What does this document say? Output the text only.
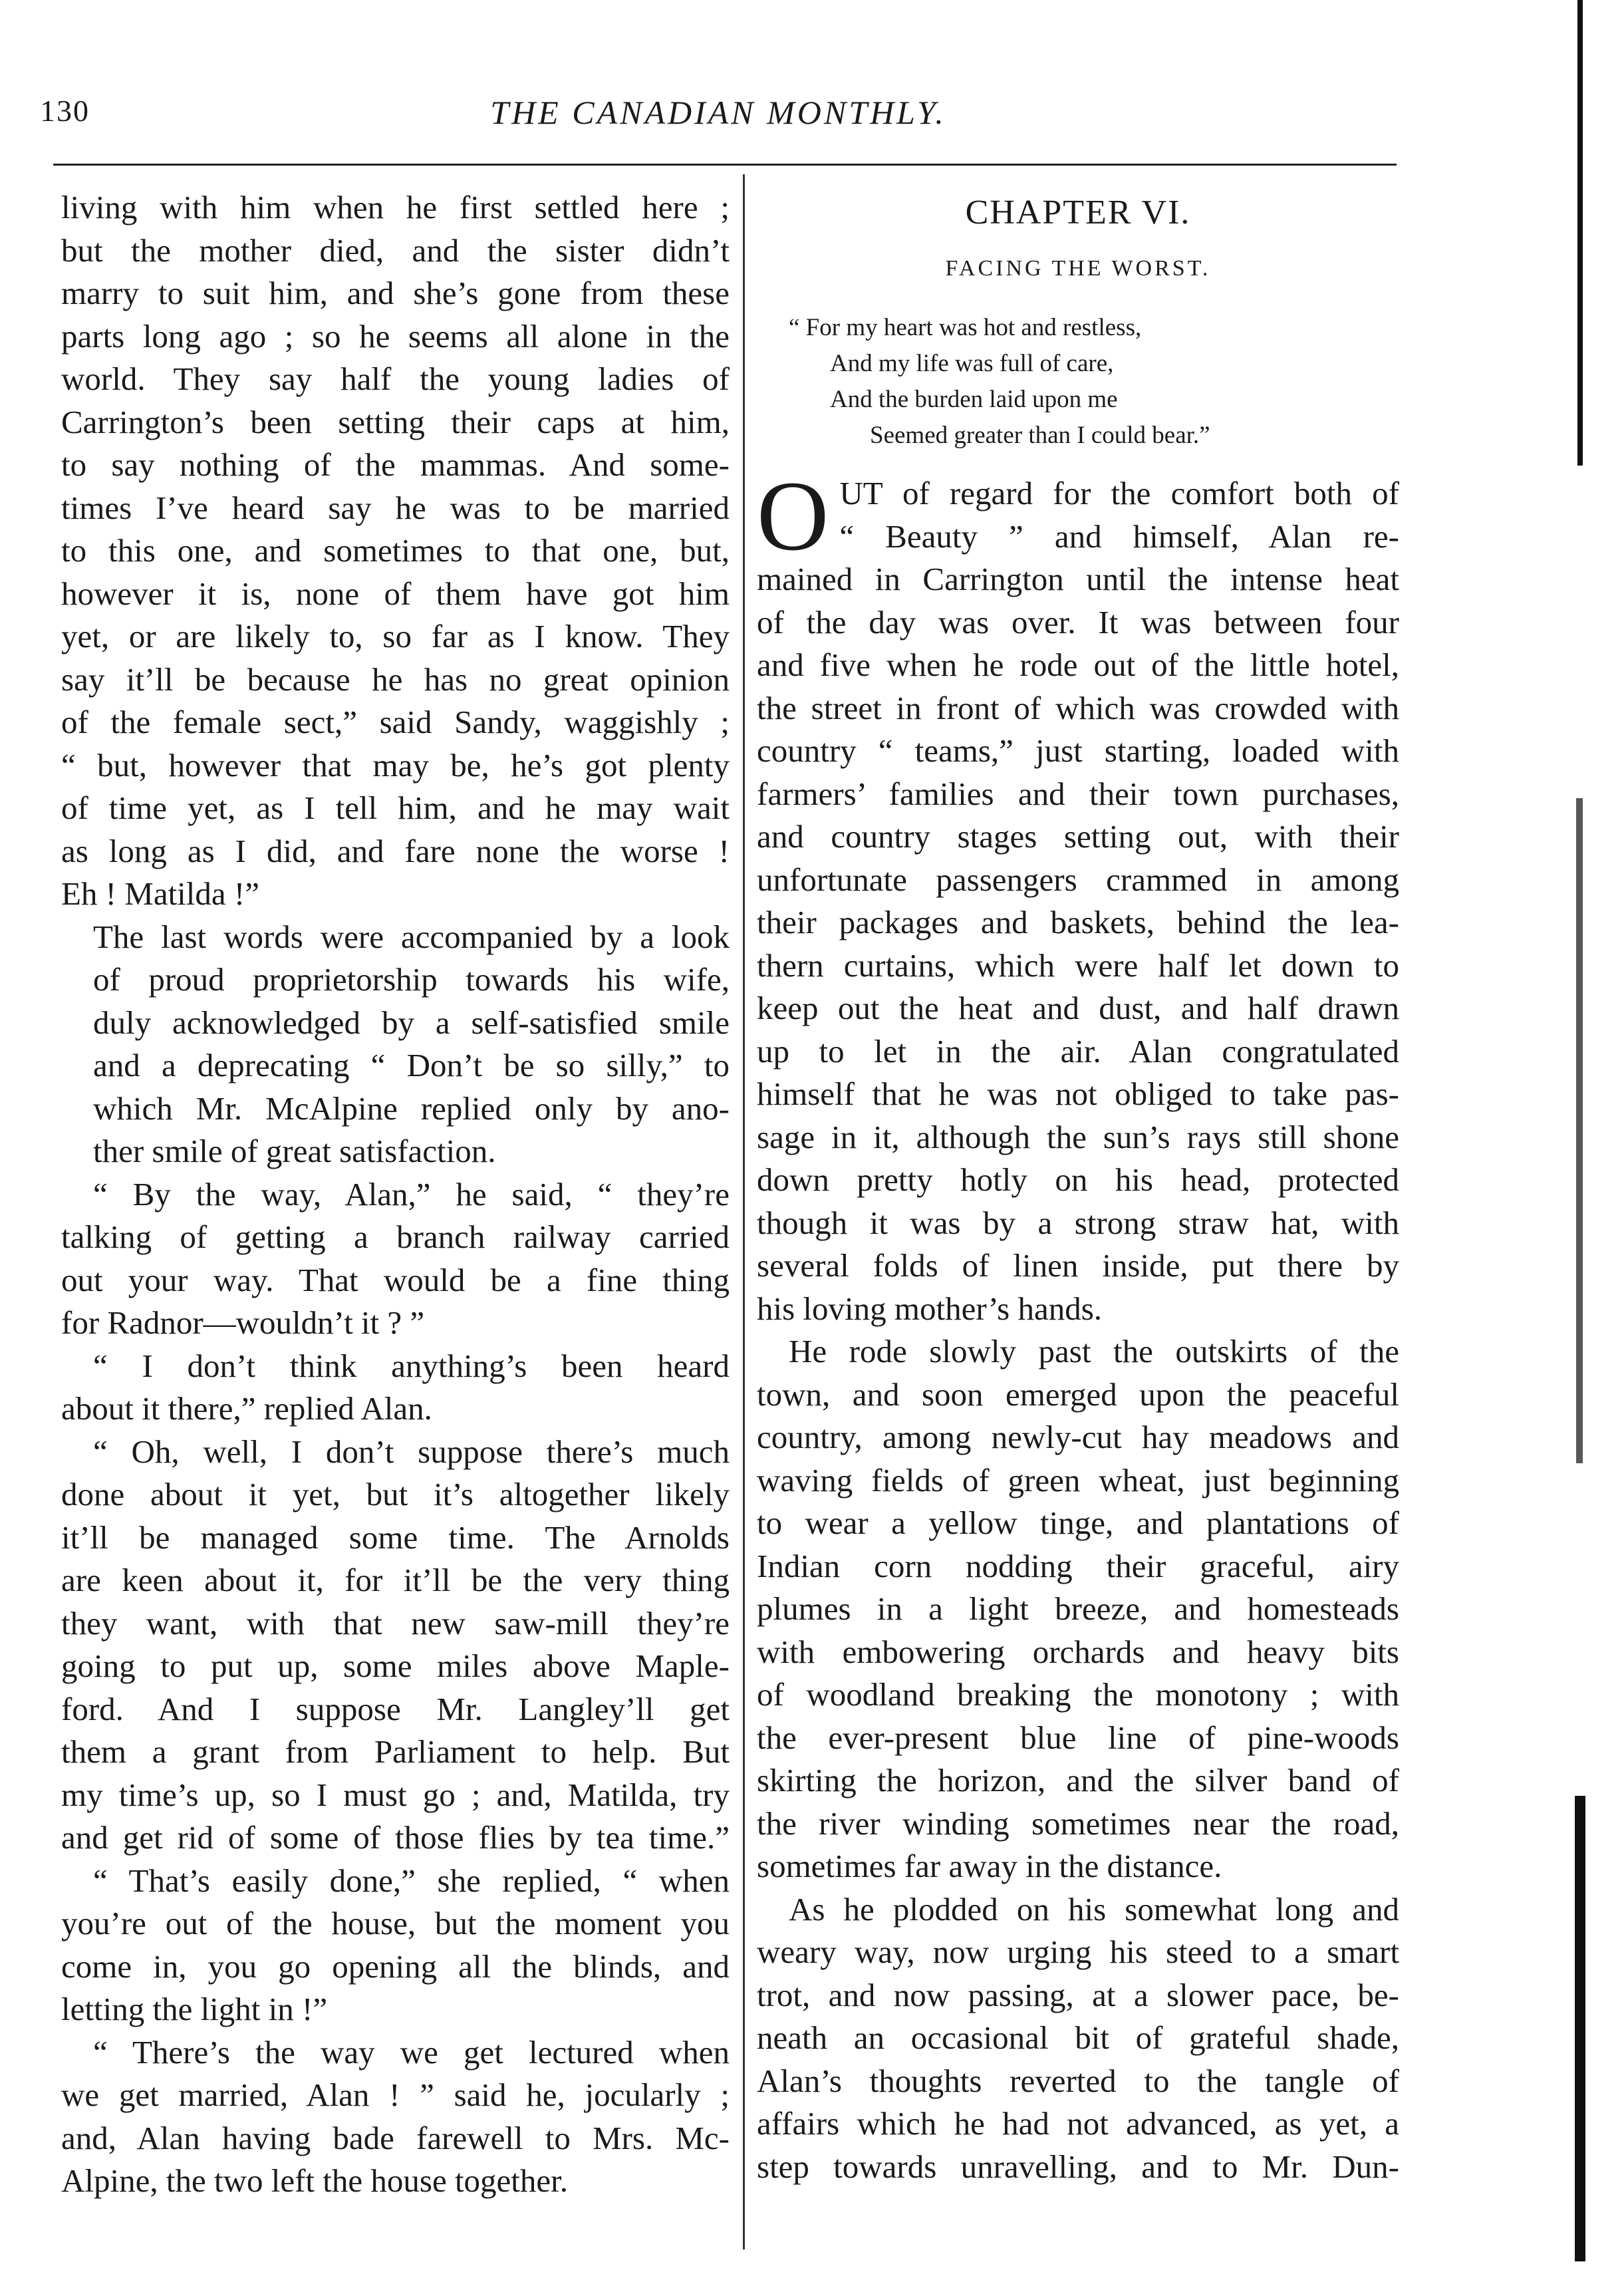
130	THE CANADIAN MONTHLY.

living with him when he first settled here ;
but the mother died, and the sister didn’t
marry to suit him, and she’s gone from these
parts long ago ; so he seems all alone in the
world. They say half the young ladies of
Carrington’s been setting their caps at him,
to say nothing of the mammas. And some-
times I’ve heard say he was to be married
to this one, and sometimes to that one, but,
however it is, none of them have got him
yet, or are likely to, so far as I know. They
say it’ll be because he has no great opinion
of the female sect,” said Sandy, waggishly ;
“ but, however that may be, he’s got plenty
of time yet, as I tell him, and he may wait
as long as I did, and fare none the worse !
Eh ! Matilda !”

The last words were accompanied by a look
of proud proprietorship towards his wife,
duly acknowledged by a self-satisfied smile
and a deprecating “ Don’t be so silly,” to
which Mr. McAlpine replied only by ano-
ther smile of great satisfaction.

“ By the way, Alan,” he said, “ they’re
talking of getting a branch railway carried
out your way. That would be a fine thing
for Radnor—wouldn’t it ? ”

“ I don’t think anything’s been heard
about it there,” replied Alan.

“ Oh, well, I don’t suppose there’s much
done about it yet, but it’s altogether likely
it’ll be managed some time. The Arnolds
are keen about it, for it’ll be the very thing
they want, with that new saw-mill they’re
going to put up, some miles above Maple-
ford. And I suppose Mr. Langley’ll get
them a grant from Parliament to help. But
my time’s up, so I must go ; and, Matilda, try
and get rid of some of those flies by tea time.”

“ That’s easily done,” she replied, “ when
you’re out of the house, but the moment you
come in, you go opening all the blinds, and
letting the light in !”

“ There’s the way we get lectured when
we get married, Alan ! ” said he, jocularly ;
and, Alan having bade farewell to Mrs. Mc-
Alpine, the two left the house together.

CHAPTER VI.
FACING THE WORST.
“ For my heart was hot and restless,
And my life was full of care,
And the burden laid upon me
Seemed greater than I could bear.”

O UT of regard for the comfort both of
“ Beauty ” and himself, Alan re-
mained in Carrington until the intense heat
of the day was over. It was between four
and five when he rode out of the little hotel,
the street in front of which was crowded with
country “ teams,” just starting, loaded with
farmers’ families and their town purchases,
and country stages setting out, with their
unfortunate passengers crammed in among
their packages and baskets, behind the lea-
thern curtains, which were half let down to
keep out the heat and dust, and half drawn
up to let in the air. Alan congratulated
himself that he was not obliged to take pas-
sage in it, although the sun’s rays still shone
down pretty hotly on his head, protected
though it was by a strong straw hat, with
several folds of linen inside, put there by
his loving mother’s hands.

He rode slowly past the outskirts of the
town, and soon emerged upon the peaceful
country, among newly-cut hay meadows and
waving fields of green wheat, just beginning
to wear a yellow tinge, and plantations of
Indian corn nodding their graceful, airy
plumes in a light breeze, and homesteads
with embowering orchards and heavy bits
of woodland breaking the monotony ; with
the ever-present blue line of pine-woods
skirting the horizon, and the silver band of
the river winding sometimes near the road,
sometimes far away in the distance.

As he plodded on his somewhat long and
weary way, now urging his steed to a smart
trot, and now passing, at a slower pace, be-
neath an occasional bit of grateful shade,
Alan’s thoughts reverted to the tangle of
affairs which he had not advanced, as yet, a
step towards unravelling, and to Mr. Dun-
